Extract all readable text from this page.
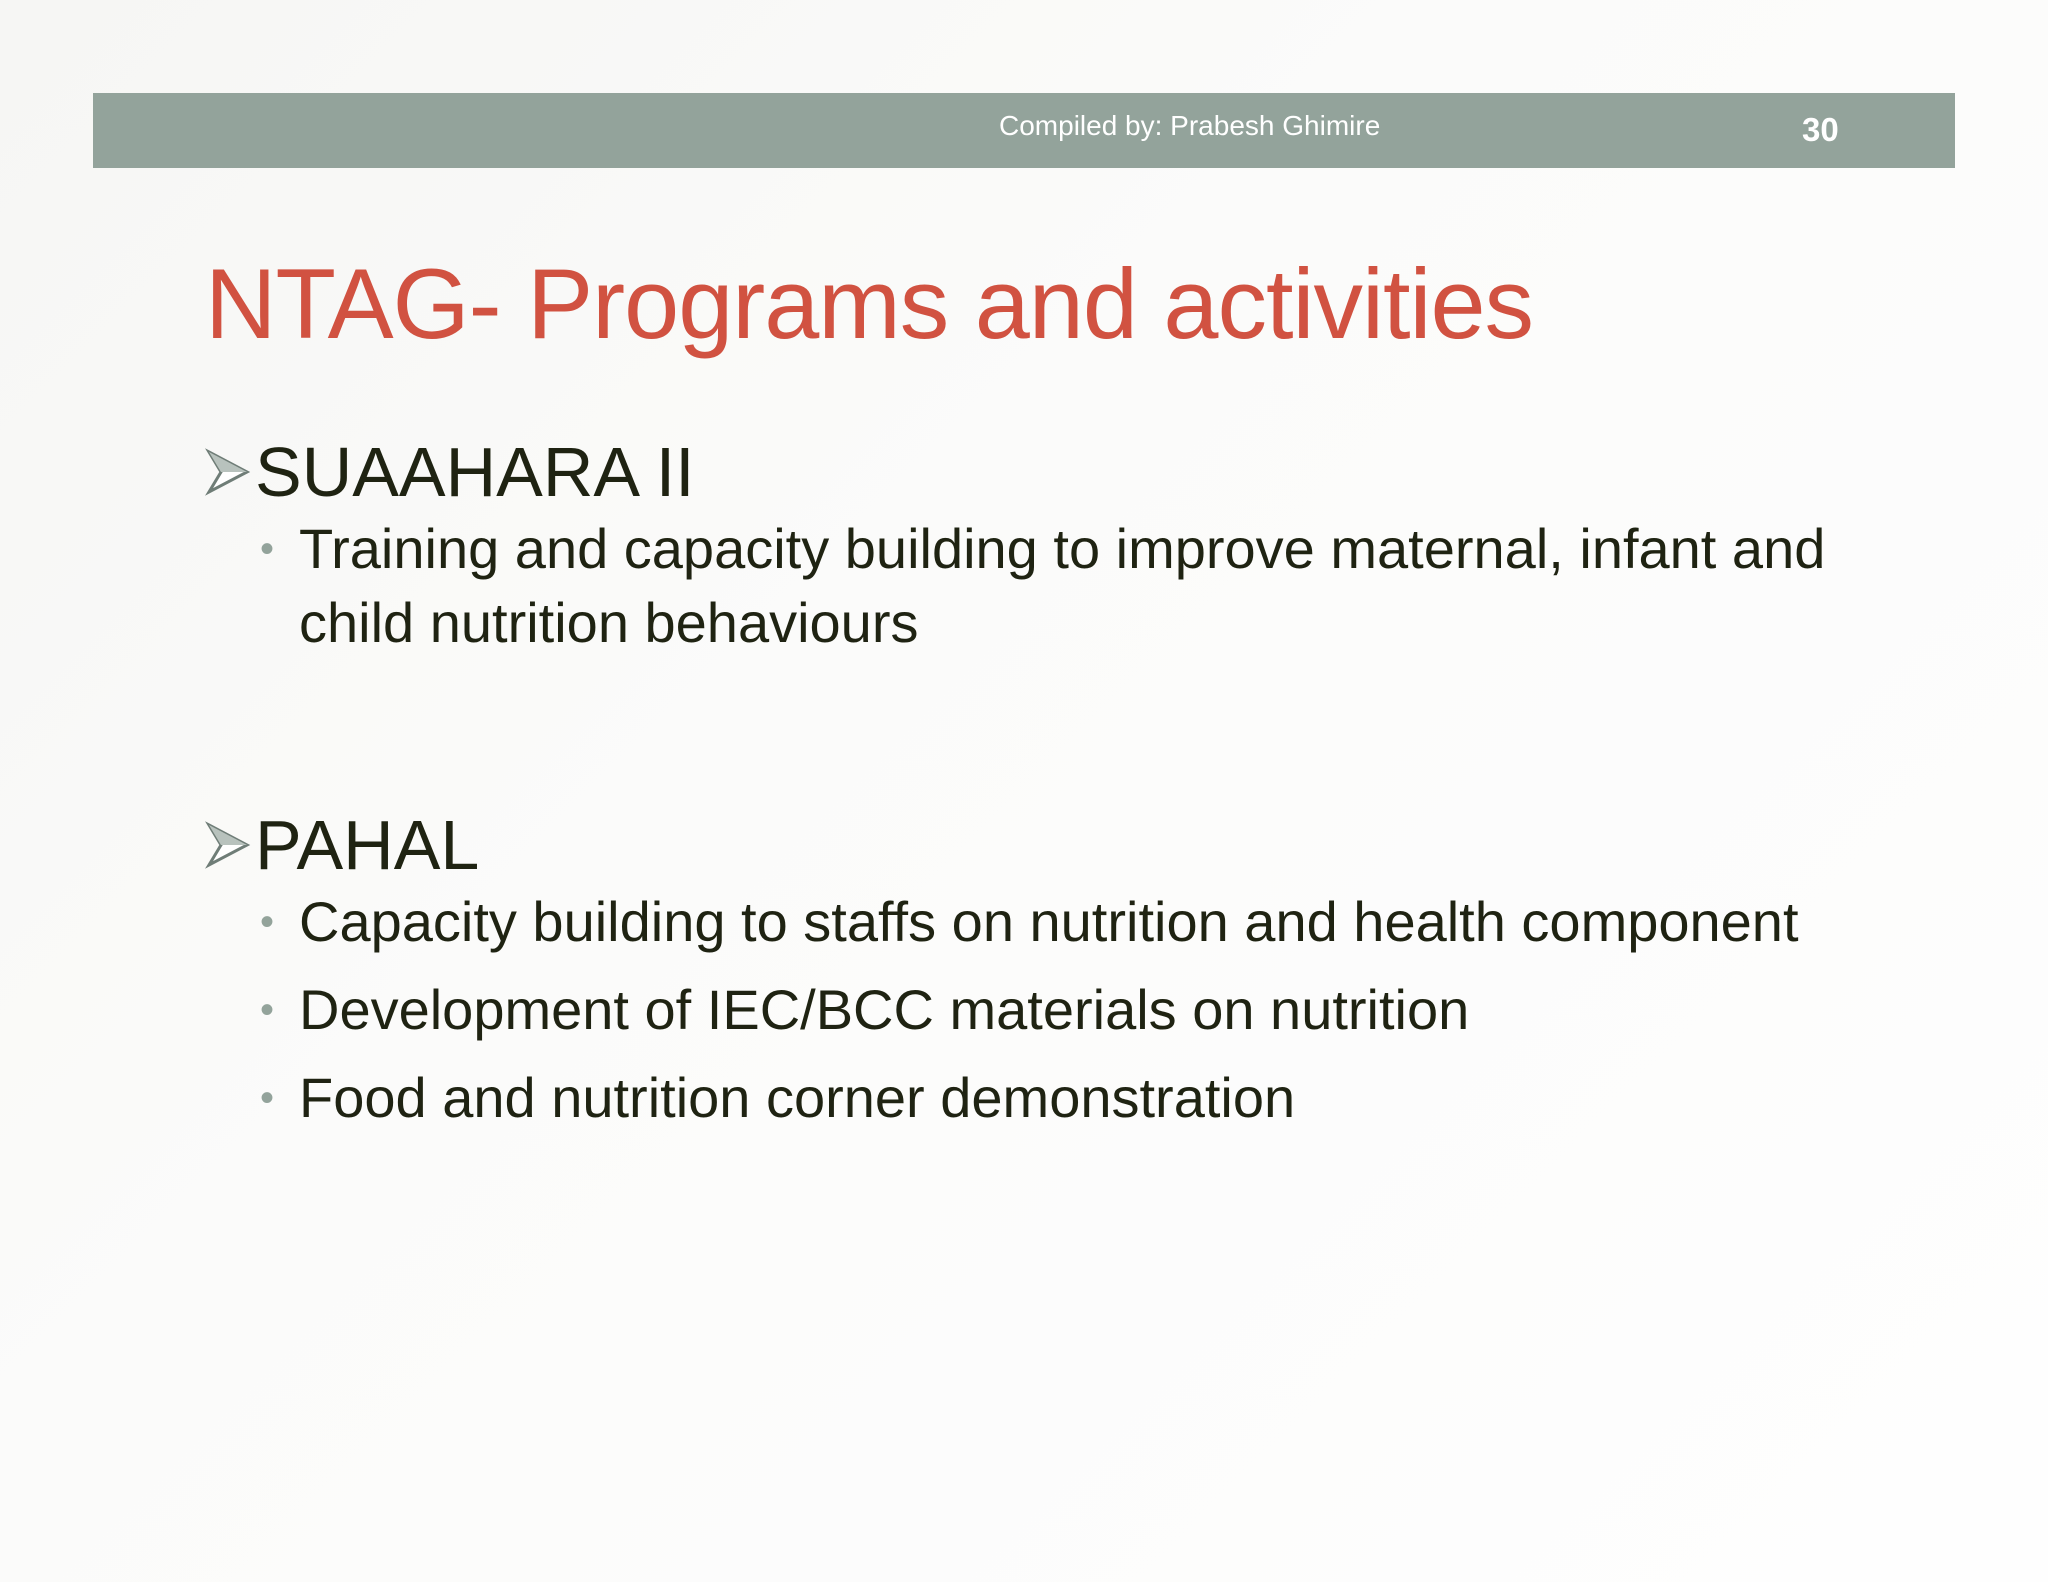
Compiled by: Prabesh Ghimire	30
NTAG- Programs and activities
SUAAHARA II
• Training and capacity building to improve maternal, infant and child nutrition behaviours
PAHAL
• Capacity building to staffs on nutrition and health component
• Development of IEC/BCC materials on nutrition
• Food and nutrition corner demonstration
